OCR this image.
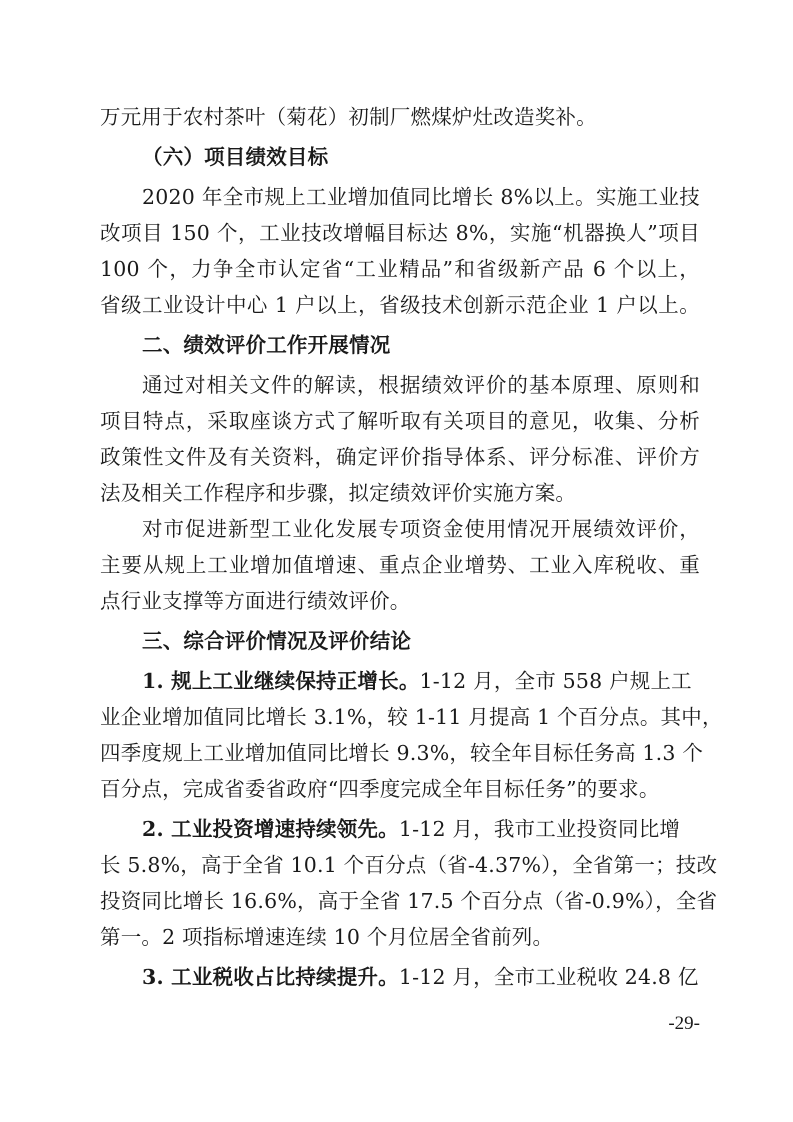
万元用于农村茶叶（菊花）初制厂燃煤炉灶改造奖补。
（六）项目绩效目标
2020 年全市规上工业增加值同比增长 8%以上。实施工业技
改项目 150 个，工业技改增幅目标达 8%，实施“机器换人”项目
100 个，力争全市认定省“工业精品”和省级新产品 6 个以上，
省级工业设计中心 1 户以上，省级技术创新示范企业 1 户以上。
二、绩效评价工作开展情况
通过对相关文件的解读，根据绩效评价的基本原理、原则和
项目特点，采取座谈方式了解听取有关项目的意见，收集、分析
政策性文件及有关资料，确定评价指导体系、评分标准、评价方
法及相关工作程序和步骤，拟定绩效评价实施方案。
对市促进新型工业化发展专项资金使用情况开展绩效评价，
主要从规上工业增加值增速、重点企业增势、工业入库税收、重
点行业支撑等方面进行绩效评价。
三、综合评价情况及评价结论
1. 规上工业继续保持正增长。1-12 月，全市 558 户规上工
业企业增加值同比增长 3.1%，较 1-11 月提高 1 个百分点。其中，
四季度规上工业增加值同比增长 9.3%，较全年目标任务高 1.3 个
百分点，完成省委省政府“四季度完成全年目标任务”的要求。
2. 工业投资增速持续领先。1-12 月，我市工业投资同比增
长 5.8%，高于全省 10.1 个百分点（省-4.37%），全省第一；技改
投资同比增长 16.6%，高于全省 17.5 个百分点（省-0.9%），全省
第一。2 项指标增速连续 10 个月位居全省前列。
3. 工业税收占比持续提升。1-12 月，全市工业税收 24.8 亿
-29-
